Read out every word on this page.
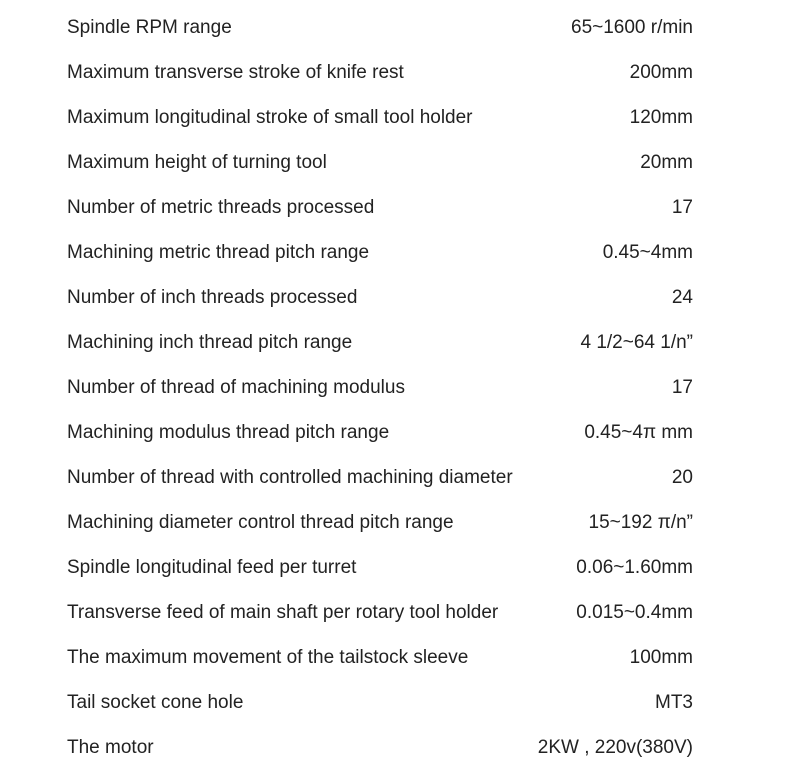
Spindle RPM range	65~1600 r/min
Maximum transverse stroke of knife rest	200mm
Maximum longitudinal stroke of small tool holder	120mm
Maximum height of turning tool	20mm
Number of metric threads processed	17
Machining metric thread pitch range	0.45~4mm
Number of inch threads processed	24
Machining inch thread pitch range	4 1/2~64 1/n”
Number of thread of machining modulus	17
Machining modulus thread pitch range	0.45~4π mm
Number of thread with controlled machining diameter	20
Machining diameter control thread pitch range	15~192 π/n”
Spindle longitudinal feed per turret	0.06~1.60mm
Transverse feed of main shaft per rotary tool holder	0.015~0.4mm
The maximum movement of the tailstock sleeve	100mm
Tail socket cone hole	MT3
The motor	2KW , 220v(380V)
